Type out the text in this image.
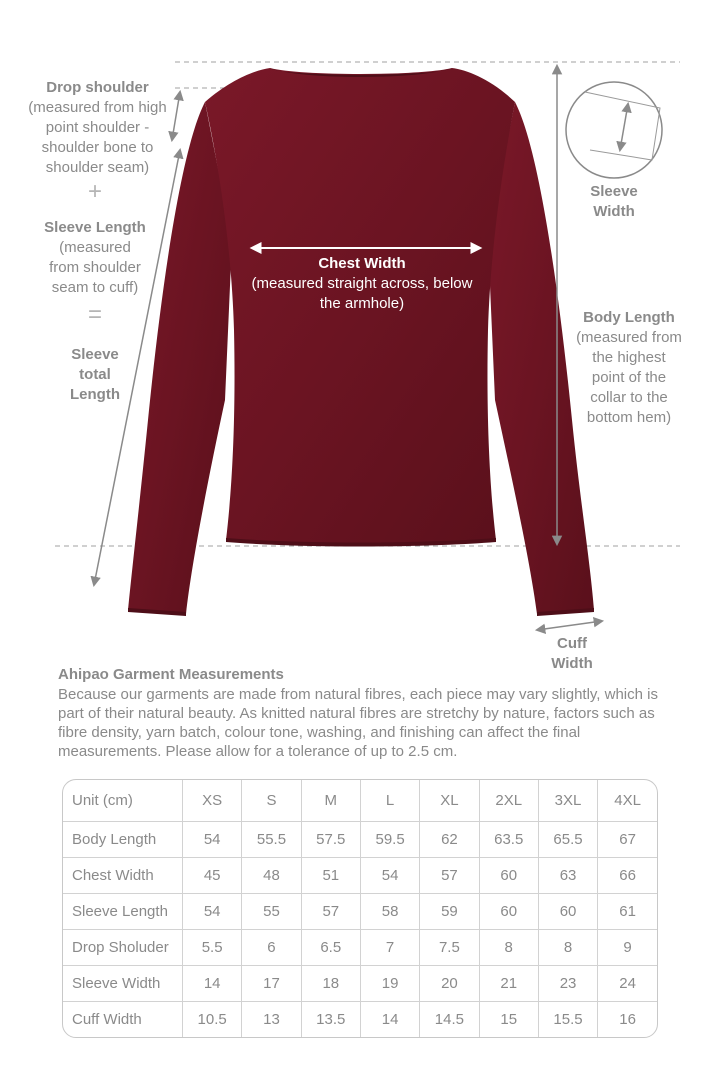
Drop shoulder
(measured from high
point shoulder -
shoulder bone to
shoulder seam)
+
Sleeve Length
(measured
from shoulder
seam to cuff)
=
Sleeve
total
Length
Chest Width
(measured straight across, below
the armhole)
Sleeve
Width
Body Length
(measured from
the highest
point of the
collar to the
bottom hem)
Cuff
Width
Ahipao Garment Measurements
Because our garments are made from natural fibres, each piece may vary slightly, which is part of their natural beauty. As knitted natural fibres are stretchy by nature, factors such as fibre density, yarn batch, colour tone, washing, and finishing can affect the final measurements. Please allow for a tolerance of up to 2.5 cm.
Unit (cm)	XS	S	M	L	XL	2XL	3XL	4XL
Body Length	54	55.5	57.5	59.5	62	63.5	65.5	67
Chest Width	45	48	51	54	57	60	63	66
Sleeve Length	54	55	57	58	59	60	60	61
Drop Sholuder	5.5	6	6.5	7	7.5	8	8	9
Sleeve Width	14	17	18	19	20	21	23	24
Cuff Width	10.5	13	13.5	14	14.5	15	15.5	16
